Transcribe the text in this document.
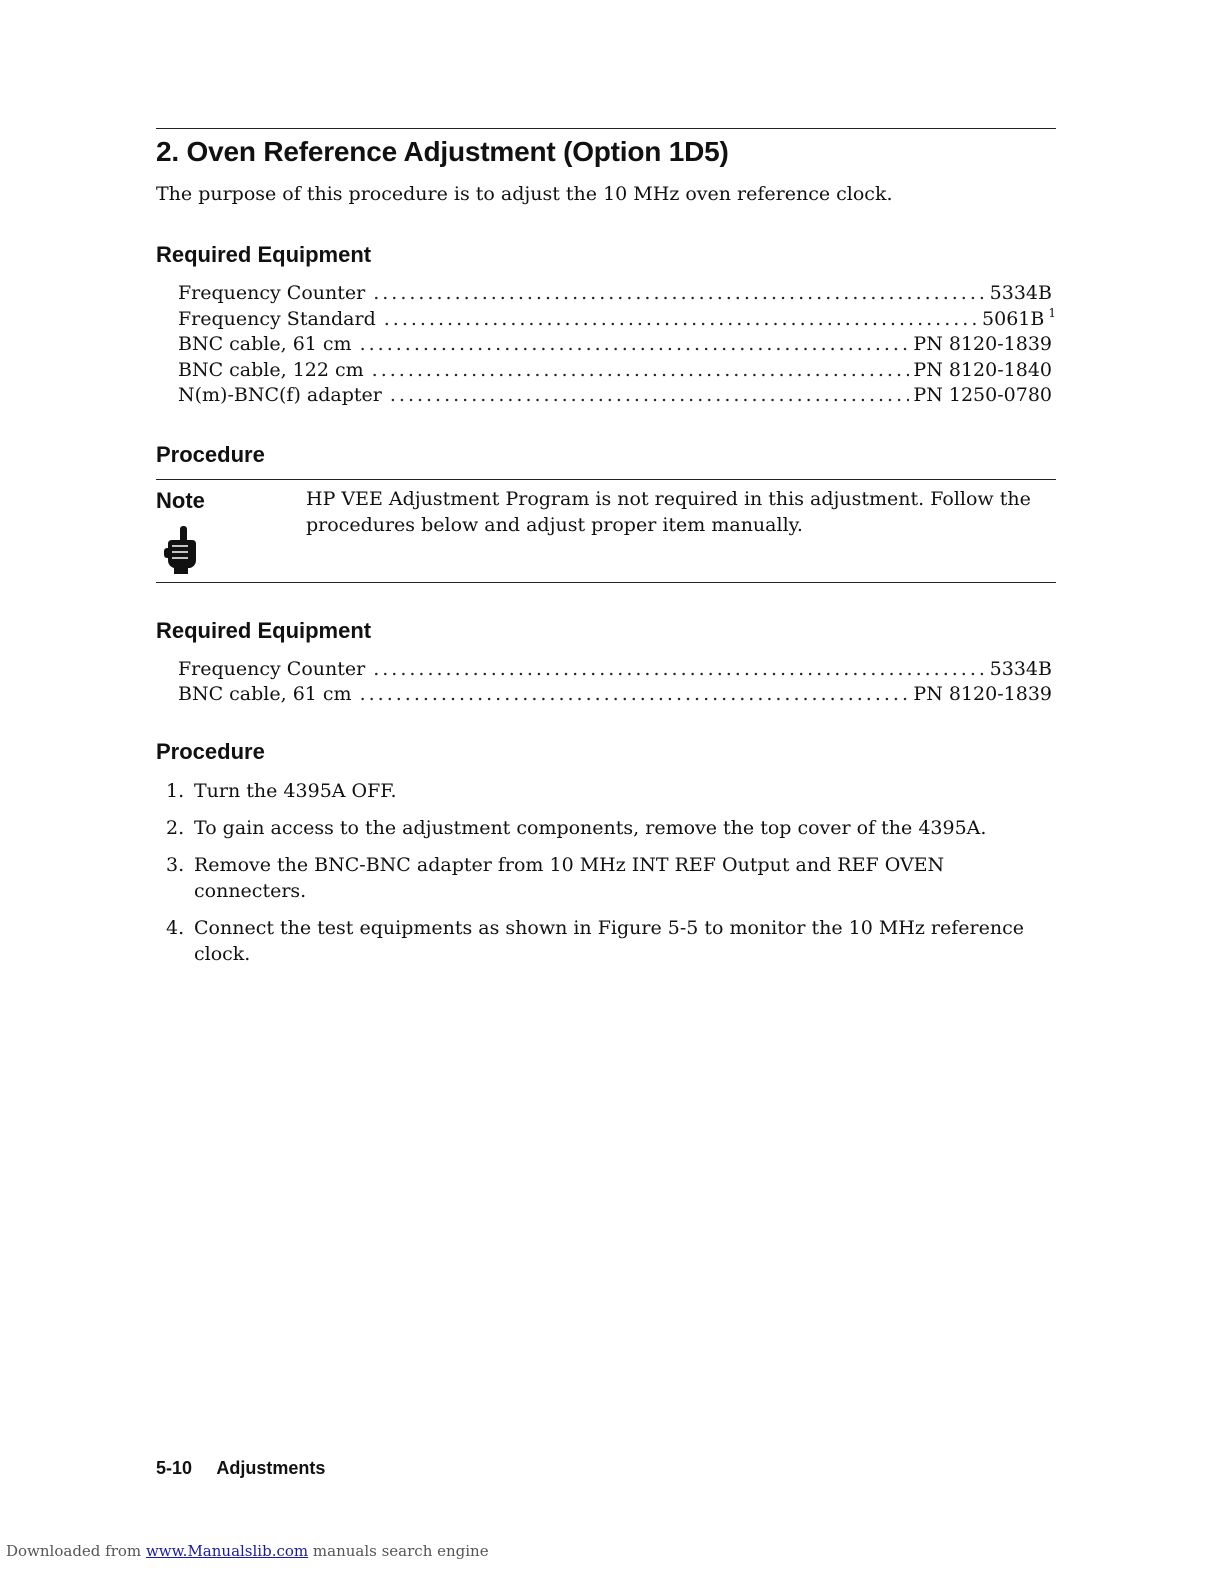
2. Oven Reference Adjustment (Option 1D5)

The purpose of this procedure is to adjust the 10 MHz oven reference clock.

Required Equipment
Frequency Counter .....	5334B
Frequency Standard .....	5061B $^1$
BNC cable, 61 cm .....	PN 8120-1839
BNC cable, 122 cm .....	PN 8120-1840
N(m)-BNC(f) adapter .....	PN 1250-0780
Procedure
Note	HP VEE Adjustment Program is not required in this adjustment. Follow the
procedures below and adjust proper item manually.
Required Equipment
Frequency Counter .....	5334B
BNC cable, 61 cm .....	PN 8120-1839
Procedure
1. Turn the 4395A OFF.
2. To gain access to the adjustment components, remove the top cover of the 4395A.
3. Remove the BNC-BNC adapter from 10 MHz INT REF Output and REF OVEN
connecters.
4. Connect the test equipments as shown in Figure 5-5 to monitor the 10 MHz reference
clock.
5-10 Adjustments
Downloaded from www.Manualslib.com manuals search engine
